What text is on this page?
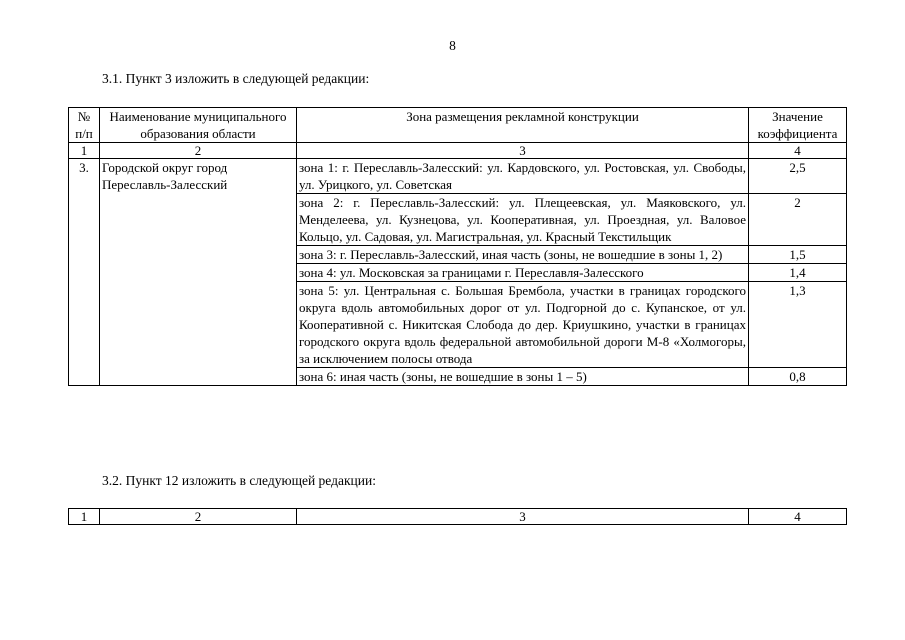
8
3.1. Пункт 3 изложить в следующей редакции:
№ п/п	Наименование муниципального образования области	Зона размещения рекламной конструкции	Значение коэффициента
1	2	3	4
3.	Городской округ город Переславль-Залесский	зона 1: г. Переславль-Залесский: ул. Кардовского, ул. Ростовская, ул. Свободы, ул. Урицкого, ул. Советская	2,5
		зона 2: г. Переславль-Залесский: ул. Плещеевская, ул. Маяковского, ул. Менделеева, ул. Кузнецова, ул. Кооперативная, ул. Проездная, ул. Валовое Кольцо, ул. Садовая, ул. Магистральная, ул. Красный Текстильщик	2
		зона 3: г. Переславль-Залесский, иная часть (зоны, не вошедшие в зоны 1, 2)	1,5
		зона 4: ул. Московская за границами г. Переславля-Залесского	1,4
		зона 5: ул. Центральная с. Большая Брембола, участки в границах городского округа вдоль автомобильных дорог от ул. Подгорной до с. Купанское, от ул. Кооперативной с. Никитская Слобода до дер. Криушкино, участки в границах городского округа вдоль федеральной автомобильной дороги М-8 «Холмогоры, за исключением полосы отвода	1,3
		зона 6: иная часть (зоны, не вошедшие в зоны 1 – 5)	0,8
3.2. Пункт 12 изложить в следующей редакции:
1	2	3	4
